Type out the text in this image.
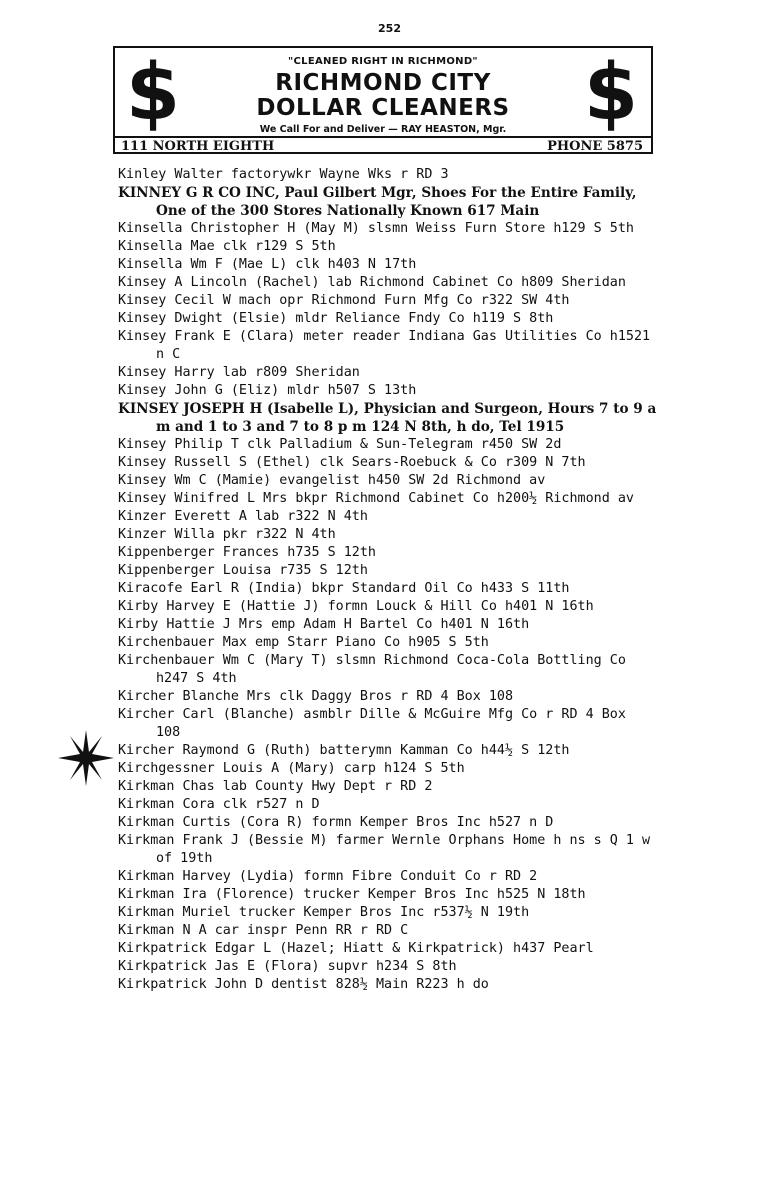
252
$	$
"CLEANED RIGHT IN RICHMOND"
RICHMOND CITY
DOLLAR CLEANERS
We Call For and Deliver — RAY HEASTON, Mgr.
111 NORTH EIGHTH	PHONE 5875

Kinley Walter factorywkr Wayne Wks r RD 3

KINNEY G R CO INC, Paul Gilbert Mgr, Shoes For the Entire Family, One of the 300 Stores Nationally Known 617 Main

Kinsella Christopher H (May M) slsmn Weiss Furn Store h129 S 5th

Kinsella Mae clk r129 S 5th

Kinsella Wm F (Mae L) clk h403 N 17th

Kinsey A Lincoln (Rachel) lab Richmond Cabinet Co h809 Sheridan

Kinsey Cecil W mach opr Richmond Furn Mfg Co r322 SW 4th

Kinsey Dwight (Elsie) mldr Reliance Fndy Co h119 S 8th

Kinsey Frank E (Clara) meter reader Indiana Gas Utilities Co h1521 n C

Kinsey Harry lab r809 Sheridan

Kinsey John G (Eliz) mldr h507 S 13th

KINSEY JOSEPH H (Isabelle L), Physician and Surgeon, Hours 7 to 9 a m and 1 to 3 and 7 to 8 p m 124 N 8th, h do, Tel 1915

Kinsey Philip T clk Palladium & Sun-Telegram r450 SW 2d

Kinsey Russell S (Ethel) clk Sears-Roebuck & Co r309 N 7th

Kinsey Wm C (Mamie) evangelist h450 SW 2d Richmond av

Kinsey Winifred L Mrs bkpr Richmond Cabinet Co h200½ Richmond av

Kinzer Everett A lab r322 N 4th

Kinzer Willa pkr r322 N 4th

Kippenberger Frances h735 S 12th

Kippenberger Louisa r735 S 12th

Kiracofe Earl R (India) bkpr Standard Oil Co h433 S 11th

Kirby Harvey E (Hattie J) formn Louck & Hill Co h401 N 16th

Kirby Hattie J Mrs emp Adam H Bartel Co h401 N 16th

Kirchenbauer Max emp Starr Piano Co h905 S 5th

Kirchenbauer Wm C (Mary T) slsmn Richmond Coca-Cola Bottling Co h247 S 4th

Kircher Blanche Mrs clk Daggy Bros r RD 4 Box 108

Kircher Carl (Blanche) asmblr Dille & McGuire Mfg Co r RD 4 Box 108

Kircher Raymond G (Ruth) batterymn Kamman Co h44½ S 12th

Kirchgessner Louis A (Mary) carp h124 S 5th

Kirkman Chas lab County Hwy Dept r RD 2

Kirkman Cora clk r527 n D

Kirkman Curtis (Cora R) formn Kemper Bros Inc h527 n D

Kirkman Frank J (Bessie M) farmer Wernle Orphans Home h ns s Q 1 w of 19th

Kirkman Harvey (Lydia) formn Fibre Conduit Co r RD 2

Kirkman Ira (Florence) trucker Kemper Bros Inc h525 N 18th

Kirkman Muriel trucker Kemper Bros Inc r537½ N 19th

Kirkman N A car inspr Penn RR r RD C

Kirkpatrick Edgar L (Hazel; Hiatt & Kirkpatrick) h437 Pearl

Kirkpatrick Jas E (Flora) supvr h234 S 8th

Kirkpatrick John D dentist 828½ Main R223 h do
